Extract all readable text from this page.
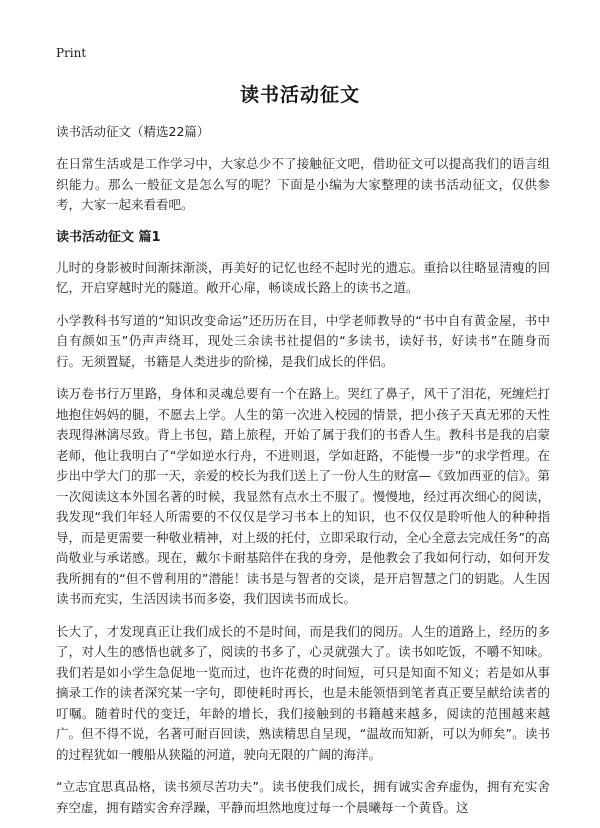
Print
读书活动征文

读书活动征文（精选22篇）

在日常生活或是工作学习中，大家总少不了接触征文吧，借助征文可以提高我们的语言组织能力。那么一般征文是怎么写的呢？下面是小编为大家整理的读书活动征文，仅供参考，大家一起来看看吧。

读书活动征文 篇1

儿时的身影被时间渐抹渐淡，再美好的记忆也经不起时光的遗忘。重拾以往略显清瘦的回忆，开启穿越时光的隧道。敞开心扉，畅谈成长路上的读书之道。

小学教科书写道的“知识改变命运”还历历在目，中学老师教导的“书中自有黄金屋，书中自有颜如玉”仍声声绕耳，现处三余读书社提倡的“多读书，读好书，好读书”在随身而行。无须置疑，书籍是人类进步的阶梯，是我们成长的伴侣。

读万卷书行万里路，身体和灵魂总要有一个在路上。哭红了鼻子，风干了泪花，死缠烂打地抱住妈妈的腿，不愿去上学。人生的第一次进入校园的情景，把小孩子天真无邪的天性表现得淋漓尽致。背上书包，踏上旅程，开始了属于我们的书香人生。教科书是我的启蒙老师，他让我明白了“学如逆水行舟，不进则退，学如赶路，不能慢一步”的求学哲理。在步出中学大门的那一天，亲爱的校长为我们送上了一份人生的财富—《致加西亚的信》。第一次阅读这本外国名著的时候，我显然有点水土不服了。慢慢地，经过再次细心的阅读，我发现“我们年轻人所需要的不仅仅是学习书本上的知识，也不仅仅是聆听他人的种种指导，而是更需要一种敬业精神，对上级的托付，立即采取行动，全心全意去完成任务”的高尚敬业与承诺感。现在，戴尔卡耐基陪伴在我的身旁，是他教会了我如何行动，如何开发我所拥有的“但不曾利用的”潜能！读书是与智者的交谈，是开启智慧之门的钥匙。人生因读书而充实，生活因读书而多姿，我们因读书而成长。

长大了，才发现真正让我们成长的不是时间，而是我们的阅历。人生的道路上，经历的多了，对人生的感悟也就多了，阅读的书多了，心灵就强大了。读书如吃饭，不嚼不知味。我们若是如小学生急促地一览而过，也许花费的时间短，可只是知面不知义；若是如从事摘录工作的读者深究某一字句，即使耗时再长，也是未能领悟到笔者真正要呈献给读者的叮嘱。随着时代的变迁，年龄的增长，我们接触到的书籍越来越多，阅读的范围越来越广。但不得不说，名著可耐百回读，熟读精思自呈现，“温故而知新，可以为师矣”。读书的过程犹如一艘船从狭隘的河道，驶向无限的广阔的海洋。

“立志宜思真品格，读书须尽苦功夫”。读书使我们成长，拥有诚实舍弃虚伪，拥有充实舍弃空虚，拥有踏实舍弃浮躁，平静而坦然地度过每一个晨曦每一个黄昏。这
